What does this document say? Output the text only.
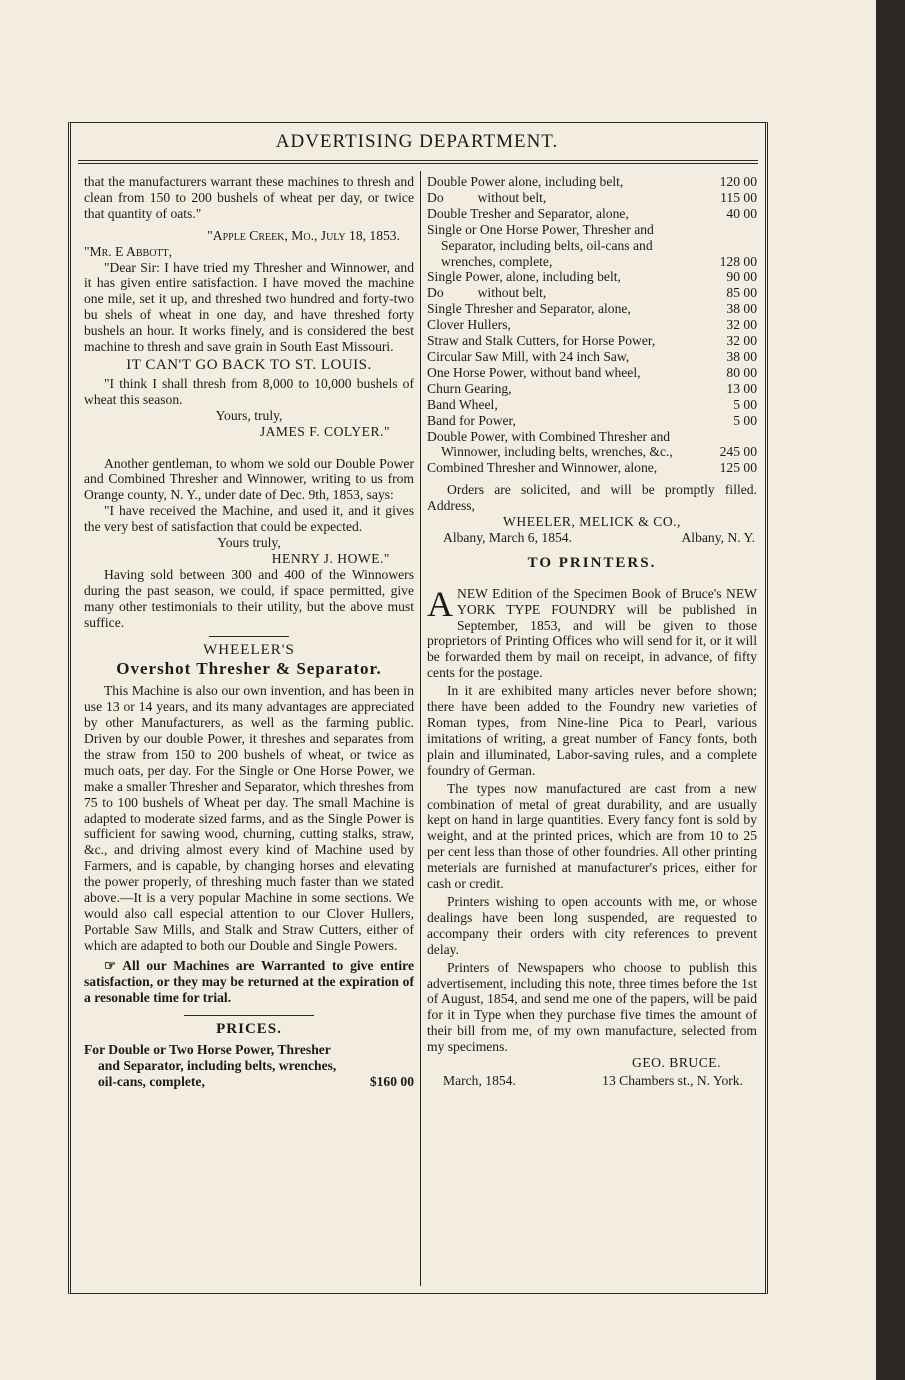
ADVERTISING DEPARTMENT.

that the manufacturers warrant these machines to thresh and clean from 150 to 200 bushels of wheat per day, or twice that quantity of oats."

"Apple Creek, Mo., July 18, 1853.

"Mr. E Abbott,

"Dear Sir: I have tried my Thresher and Winnower, and it has given entire satisfaction. I have moved the machine one mile, set it up, and threshed two hundred and forty-two bu shels of wheat in one day, and have threshed forty bushels an hour. It works finely, and is considered the best machine to thresh and save grain in South East Missouri.

IT CAN'T GO BACK TO ST. LOUIS.

"I think I shall thresh from 8,000 to 10,000 bushels of wheat this season.

Yours, truly,

JAMES F. COLYER."

Another gentleman, to whom we sold our Double Power and Combined Thresher and Winnower, writing to us from Orange county, N. Y., under date of Dec. 9th, 1853, says:

"I have received the Machine, and used it, and it gives the very best of satisfaction that could be expected.

Yours truly,

HENRY J. HOWE."

Having sold between 300 and 400 of the Winnowers during the past season, we could, if space permitted, give many other testimonials to their utility, but the above must suffice.

WHEELER'S

Overshot Thresher & Separator.

This Machine is also our own invention, and has been in use 13 or 14 years, and its many advantages are appreciated by other Manufacturers, as well as the farming public. Driven by our double Power, it threshes and separates from the straw from 150 to 200 bushels of wheat, or twice as much oats, per day. For the Single or One Horse Power, we make a smaller Thresher and Separator, which threshes from 75 to 100 bushels of Wheat per day. The small Machine is adapted to moderate sized farms, and as the Single Power is sufficient for sawing wood, churning, cutting stalks, straw, &c., and driving almost every kind of Machine used by Farmers, and is capable, by changing horses and elevating the power properly, of threshing much faster than we stated above.—It is a very popular Machine in some sections. We would also call especial attention to our Clover Hullers, Portable Saw Mills, and Stalk and Straw Cutters, either of which are adapted to both our Double and Single Powers.

☞ All our Machines are Warranted to give entire satisfaction, or they may be returned at the expiration of a resonable time for trial.

PRICES.

For Double or Two Horse Power, Thresher and Separator, including belts, wrenches, oil-cans, complete,	$160 00
Double Power alone, including belt,	120 00
Do          without belt,	115 00
Double Tresher and Separator, alone,	40 00
Single or One Horse Power, Thresher and Separator, including belts, oil-cans and wrenches, complete,	128 00
Single Power, alone, including belt,	90 00
Do          without belt,	85 00
Single Thresher and Separator, alone,	38 00
Clover Hullers,	32 00
Straw and Stalk Cutters, for Horse Power,	32 00
Circular Saw Mill, with 24 inch Saw,	38 00
One Horse Power, without band wheel,	80 00
Churn Gearing,	13 00
Band Wheel,	5 00
Band for Power,	5 00
Double Power, with Combined Thresher and Winnower, including belts, wrenches, &c.,	245 00
Combined Thresher and Winnower, alone,	125 00

Orders are solicited, and will be promptly filled. Address,

WHEELER, MELICK & CO.,

Albany, March 6, 1854.	Albany, N. Y.

TO PRINTERS.

ANEW Edition of the Specimen Book of Bruce's NEW YORK TYPE FOUNDRY will be published in September, 1853, and will be given to those proprietors of Printing Offices who will send for it, or it will be forwarded them by mail on receipt, in advance, of fifty cents for the postage.

In it are exhibited many articles never before shown; there have been added to the Foundry new varieties of Roman types, from Nine-line Pica to Pearl, various imitations of writing, a great number of Fancy fonts, both plain and illuminated, Labor-saving rules, and a complete foundry of German.

The types now manufactured are cast from a new combination of metal of great durability, and are usually kept on hand in large quantities. Every fancy font is sold by weight, and at the printed prices, which are from 10 to 25 per cent less than those of other foundries. All other printing meterials are furnished at manufacturer's prices, either for cash or credit.

Printers wishing to open accounts with me, or whose dealings have been long suspended, are requested to accompany their orders with city references to prevent delay.

Printers of Newspapers who choose to publish this advertisement, including this note, three times before the 1st of August, 1854, and send me one of the papers, will be paid for it in Type when they purchase five times the amount of their bill from me, of my own manufacture, selected from my specimens.

GEO. BRUCE.

March, 1854.	13 Chambers st., N. York.
